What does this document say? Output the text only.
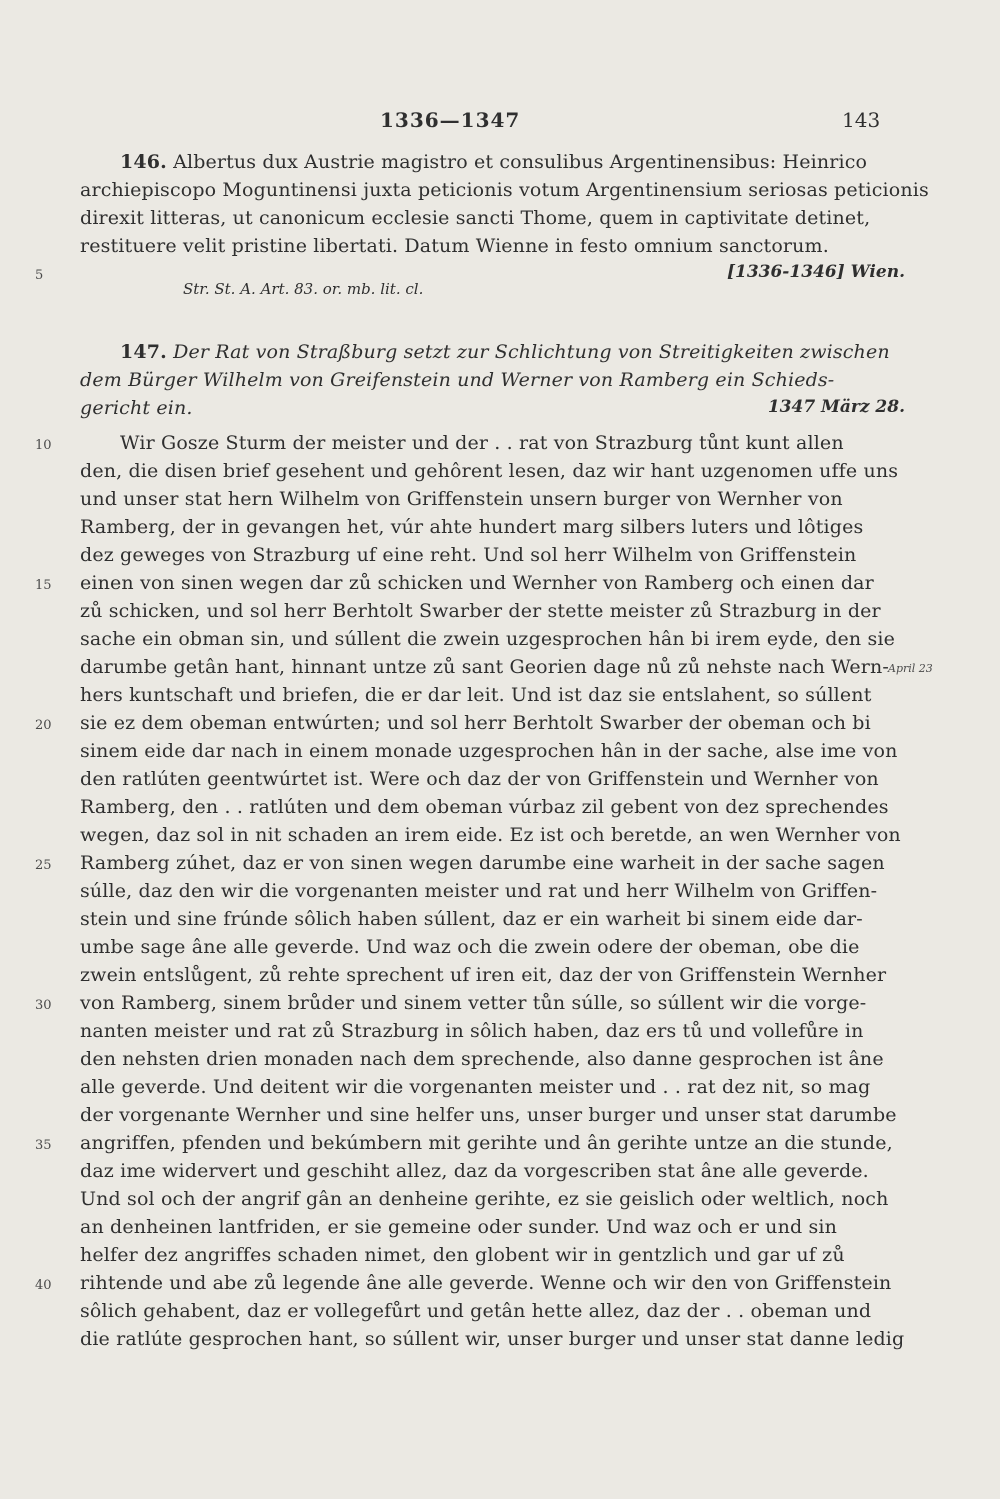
1336—1347	143
146. Albertus dux Austrie magistro et consulibus Argentinensibus: Heinrico
archiepiscopo Moguntinensi juxta peticionis votum Argentinensium seriosas peticionis
direxit litteras, ut canonicum ecclesie sancti Thome, quem in captivitate detinet,
restituere velit pristine libertati. Datum Wienne in festo omnium sanctorum.
[1336-1346] Wien.
Str. St. A. Art. 83. or. mb. lit. cl.
147. Der Rat von Straßburg setzt zur Schlichtung von Streitigkeiten zwischen
dem Bürger Wilhelm von Greifenstein und Werner von Ramberg ein Schieds-
gericht ein.	1347 März 28.
Wir Gosze Sturm der meister und der . . rat von Strazburg tůnt kunt allen
den, die disen brief gesehent und gehôrent lesen, daz wir hant uzgenomen uffe uns
und unser stat hern Wilhelm von Griffenstein unsern burger von Wernher von
Ramberg, der in gevangen het, vúr ahte hundert marg silbers luters und lôtiges
dez geweges von Strazburg uf eine reht. Und sol herr Wilhelm von Griffenstein
einen von sinen wegen dar zů schicken und Wernher von Ramberg och einen dar
zů schicken, und sol herr Berhtolt Swarber der stette meister zů Strazburg in der
sache ein obman sin, und súllent die zwein uzgesprochen hân bi irem eyde, den sie
darumbe getân hant, hinnant untze zů sant Georien dage nů zů nehste nach Wern-
hers kuntschaft und briefen, die er dar leit. Und ist daz sie entslahent, so súllent
sie ez dem obeman entwúrten; und sol herr Berhtolt Swarber der obeman och bi
sinem eide dar nach in einem monade uzgesprochen hân in der sache, alse ime von
den ratlúten geentwúrtet ist. Were och daz der von Griffenstein und Wernher von
Ramberg, den . . ratlúten und dem obeman vúrbaz zil gebent von dez sprechendes
wegen, daz sol in nit schaden an irem eide. Ez ist och beretde, an wen Wernher von
Ramberg zúhet, daz er von sinen wegen darumbe eine warheit in der sache sagen
súlle, daz den wir die vorgenanten meister und rat und herr Wilhelm von Griffen-
stein und sine frúnde sôlich haben súllent, daz er ein warheit bi sinem eide dar-
umbe sage âne alle geverde. Und waz och die zwein odere der obeman, obe die
zwein entslůgent, zů rehte sprechent uf iren eit, daz der von Griffenstein Wernher
von Ramberg, sinem brůder und sinem vetter tůn súlle, so súllent wir die vorge-
nanten meister und rat zů Strazburg in sôlich haben, daz ers tů und vollefůre in
den nehsten drien monaden nach dem sprechende, also danne gesprochen ist âne
alle geverde. Und deitent wir die vorgenanten meister und . . rat dez nit, so mag
der vorgenante Wernher und sine helfer uns, unser burger und unser stat darumbe
angriffen, pfenden und bekúmbern mit gerihte und ân gerihte untze an die stunde,
daz ime widervert und geschiht allez, daz da vorgescriben stat âne alle geverde.
Und sol och der angrif gân an denheine gerihte, ez sie geislich oder weltlich, noch
an denheinen lantfriden, er sie gemeine oder sunder. Und waz och er und sin
helfer dez angriffes schaden nimet, den globent wir in gentzlich und gar uf zů
rihtende und abe zů legende âne alle geverde. Wenne och wir den von Griffenstein
sôlich gehabent, daz er vollegefůrt und getân hette allez, daz der . . obeman und
die ratlúte gesprochen hant, so súllent wir, unser burger und unser stat danne ledig
5
10
15
20
25
30
35
40
April 23
